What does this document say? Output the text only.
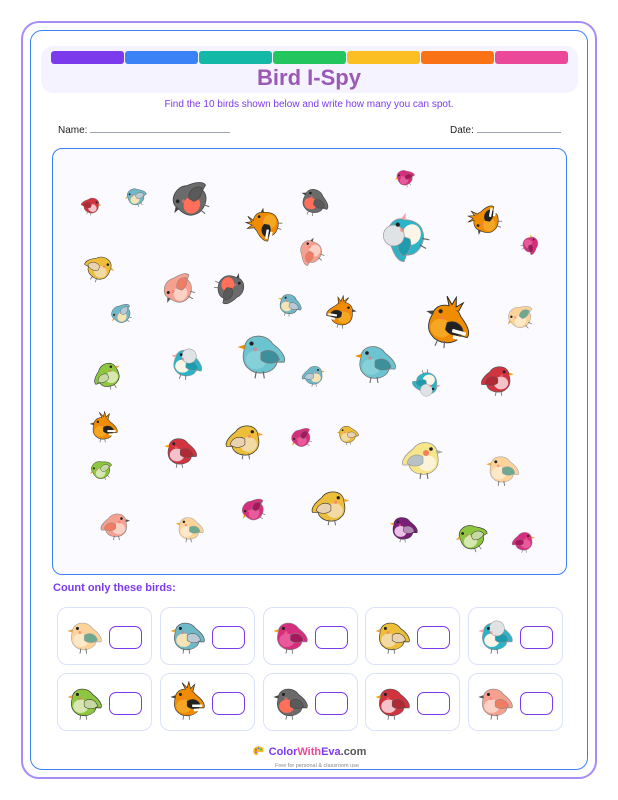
Bird I-Spy
Find the 10 birds shown below and write how many you can spot.
Name:	Date:
Count only these birds:
ColorWithEva.com
Free for personal & classroom use
